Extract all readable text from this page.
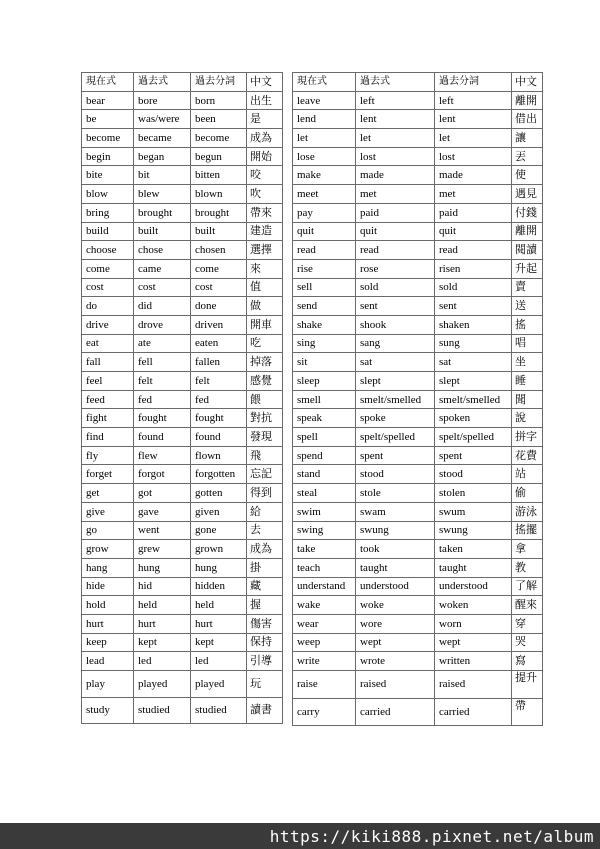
現在式	過去式	過去分詞	中文
bear	bore	born	出生
be	was/were	been	是
become	became	become	成為
begin	began	begun	開始
bite	bit	bitten	咬
blow	blew	blown	吹
bring	brought	brought	帶來
build	built	built	建造
choose	chose	chosen	選擇
come	came	come	來
cost	cost	cost	值
do	did	done	做
drive	drove	driven	開車
eat	ate	eaten	吃
fall	fell	fallen	掉落
feel	felt	felt	感覺
feed	fed	fed	餵
fight	fought	fought	對抗
find	found	found	發現
fly	flew	flown	飛
forget	forgot	forgotten	忘記
get	got	gotten	得到
give	gave	given	給
go	went	gone	去
grow	grew	grown	成為
hang	hung	hung	掛
hide	hid	hidden	藏
hold	held	held	握
hurt	hurt	hurt	傷害
keep	kept	kept	保持
lead	led	led	引導
play	played	played	玩
study	studied	studied	讀書
現在式	過去式	過去分詞	中文
leave	left	left	離開
lend	lent	lent	借出
let	let	let	讓
lose	lost	lost	丟
make	made	made	使
meet	met	met	遇見
pay	paid	paid	付錢
quit	quit	quit	離開
read	read	read	閱讀
rise	rose	risen	升起
sell	sold	sold	賣
send	sent	sent	送
shake	shook	shaken	搖
sing	sang	sung	唱
sit	sat	sat	坐
sleep	slept	slept	睡
smell	smelt/smelled	smelt/smelled	聞
speak	spoke	spoken	說
spell	spelt/spelled	spelt/spelled	拼字
spend	spent	spent	花費
stand	stood	stood	站
steal	stole	stolen	偷
swim	swam	swum	游泳
swing	swung	swung	搖擺
take	took	taken	拿
teach	taught	taught	教
understand	understood	understood	了解
wake	woke	woken	醒來
wear	wore	worn	穿
weep	wept	wept	哭
write	wrote	written	寫
raise	raised	raised	提升
carry	carried	carried	帶
https://kiki888.pixnet.net/album
